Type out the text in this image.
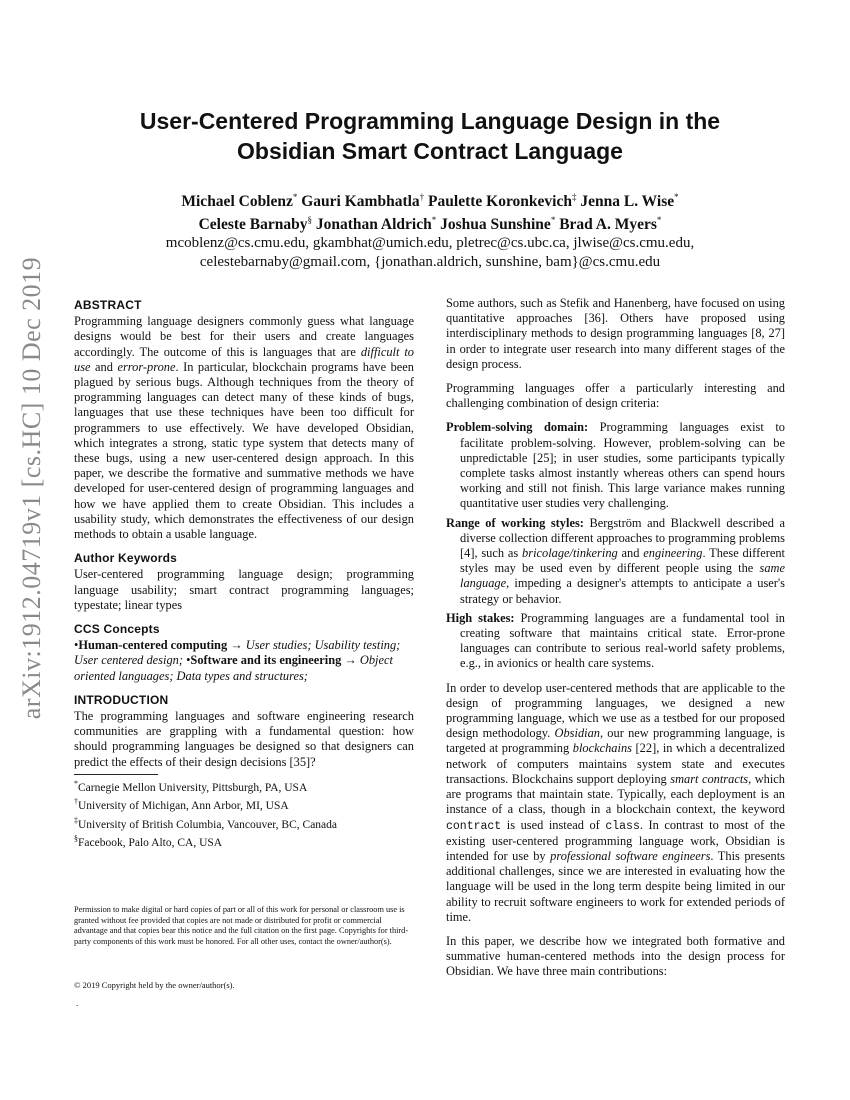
arXiv:1912.04719v1 [cs.HC] 10 Dec 2019
User-Centered Programming Language Design in the
Obsidian Smart Contract Language
Michael Coblenz* Gauri Kambhatla† Paulette Koronkevich‡ Jenna L. Wise*
Celeste Barnaby§ Jonathan Aldrich* Joshua Sunshine* Brad A. Myers*
mcoblenz@cs.cmu.edu, gkambhat@umich.edu, pletrec@cs.ubc.ca, jlwise@cs.cmu.edu,
celestebarnaby@gmail.com, {jonathan.aldrich, sunshine, bam}@cs.cmu.edu
ABSTRACT

Programming language designers commonly guess what language designs would be best for their users and create languages accordingly. The outcome of this is languages that are difficult to use and error-prone. In particular, blockchain programs have been plagued by serious bugs. Although techniques from the theory of programming languages can detect many of these kinds of bugs, languages that use these techniques have been too difficult for programmers to use effectively. We have developed Obsidian, which integrates a strong, static type system that detects many of these bugs, using a new user-centered design approach. In this paper, we describe the formative and summative methods we have developed for user-centered design of programming languages and how we have applied them to create Obsidian. This includes a usability study, which demonstrates the effectiveness of our design methods to obtain a usable language.

Author Keywords

User-centered programming language design; programming language usability; smart contract programming languages; typestate; linear types

CCS Concepts

•Human-centered computing → User studies; Usability testing; User centered design; •Software and its engineering → Object oriented languages; Data types and structures;

INTRODUCTION

The programming languages and software engineering research communities are grappling with a fundamental question: how should programming languages be designed so that designers can predict the effects of their design decisions [35]?

*Carnegie Mellon University, Pittsburgh, PA, USA
†University of Michigan, Ann Arbor, MI, USA
‡University of British Columbia, Vancouver, BC, Canada
§Facebook, Palo Alto, CA, USA
Permission to make digital or hard copies of part or all of this work for personal or classroom use is granted without fee provided that copies are not made or distributed for profit or commercial advantage and that copies bear this notice and the full citation on the first page. Copyrights for third-party components of this work must be honored. For all other uses, contact the owner/author(s).
© 2019 Copyright held by the owner/author(s).
.

Some authors, such as Stefik and Hanenberg, have focused on using quantitative approaches [36]. Others have proposed using interdisciplinary methods to design programming languages [8, 27] in order to integrate user research into many different stages of the design process.

Programming languages offer a particularly interesting and challenging combination of design criteria:

Problem-solving domain: Programming languages exist to facilitate problem-solving. However, problem-solving can be unpredictable [25]; in user studies, some participants typically complete tasks almost instantly whereas others can spend hours working and still not finish. This large variance makes running quantitative user studies very challenging.
Range of working styles: Bergström and Blackwell described a diverse collection different approaches to programming problems [4], such as bricolage/tinkering and engineering. These different styles may be used even by different people using the same language, impeding a designer's attempts to anticipate a user's strategy or behavior.
High stakes: Programming languages are a fundamental tool in creating software that maintains critical state. Error-prone languages can contribute to serious real-world safety problems, e.g., in avionics or health care systems.

In order to develop user-centered methods that are applicable to the design of programming languages, we designed a new programming language, which we use as a testbed for our proposed design methodology. Obsidian, our new programming language, is targeted at programming blockchains [22], in which a decentralized network of computers maintains system state and executes transactions. Blockchains support deploying smart contracts, which are programs that maintain state. Typically, each deployment is an instance of a class, though in a blockchain context, the keyword contract is used instead of class. In contrast to most of the existing user-centered programming language work, Obsidian is intended for use by professional software engineers. This presents additional challenges, since we are interested in evaluating how the language will be used in the long term despite being limited in our ability to recruit software engineers to work for extended periods of time.

In this paper, we describe how we integrated both formative and summative human-centered methods into the design process for Obsidian. We have three main contributions:
